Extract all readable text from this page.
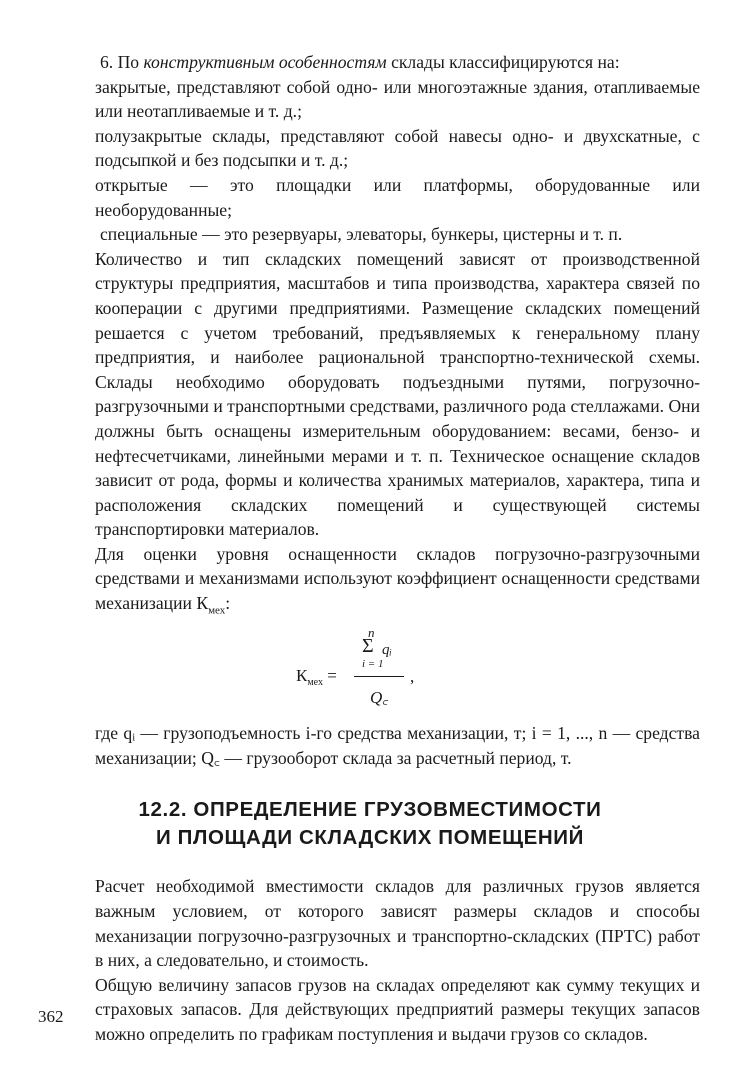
6. По конструктивным особенностям склады классифицируются на:

закрытые, представляют собой одно- или многоэтажные здания, отапливаемые или неотапливаемые и т. д.;

полузакрытые склады, представляют собой навесы одно- и двухскатные, с подсыпкой и без подсыпки и т. д.;

открытые — это площадки или платформы, оборудованные или необорудованные;

специальные — это резервуары, элеваторы, бункеры, цистерны и т. п.

Количество и тип складских помещений зависят от производственной структуры предприятия, масштабов и типа производства, характера связей по кооперации с другими предприятиями. Размещение складских помещений решается с учетом требований, предъявляемых к генеральному плану предприятия, и наиболее рациональной транспортно-технической схемы. Склады необходимо оборудовать подъездными путями, погрузочно-разгрузочными и транспортными средствами, различного рода стеллажами. Они должны быть оснащены измерительным оборудованием: весами, бензо- и нефтесчетчиками, линейными мерами и т. п. Техническое оснащение складов зависит от рода, формы и количества хранимых материалов, характера, типа и расположения складских помещений и существующей системы транспортировки материалов.

Для оценки уровня оснащенности складов погрузочно-разгрузочными средствами и механизмами используют коэффициент оснащенности средствами механизации $К_{мех}$:

$К_{мех}$ =
n
Σ qᵢ
i = 1
,
Q꜀

где qᵢ — грузоподъемность i-го средства механизации, т; i = 1, ..., n — средства механизации; Q꜀ — грузооборот склада за расчетный период, т.

12.2. ОПРЕДЕЛЕНИЕ ГРУЗОВМЕСТИМОСТИ
И ПЛОЩАДИ СКЛАДСКИХ ПОМЕЩЕНИЙ

Расчет необходимой вместимости складов для различных грузов является важным условием, от которого зависят размеры складов и способы механизации погрузочно-разгрузочных и транспортно-складских (ПРТС) работ в них, а следовательно, и стоимость.

Общую величину запасов грузов на складах определяют как сумму текущих и страховых запасов. Для действующих предприятий размеры текущих запасов можно определить по графикам поступления и выдачи грузов со складов.

362
